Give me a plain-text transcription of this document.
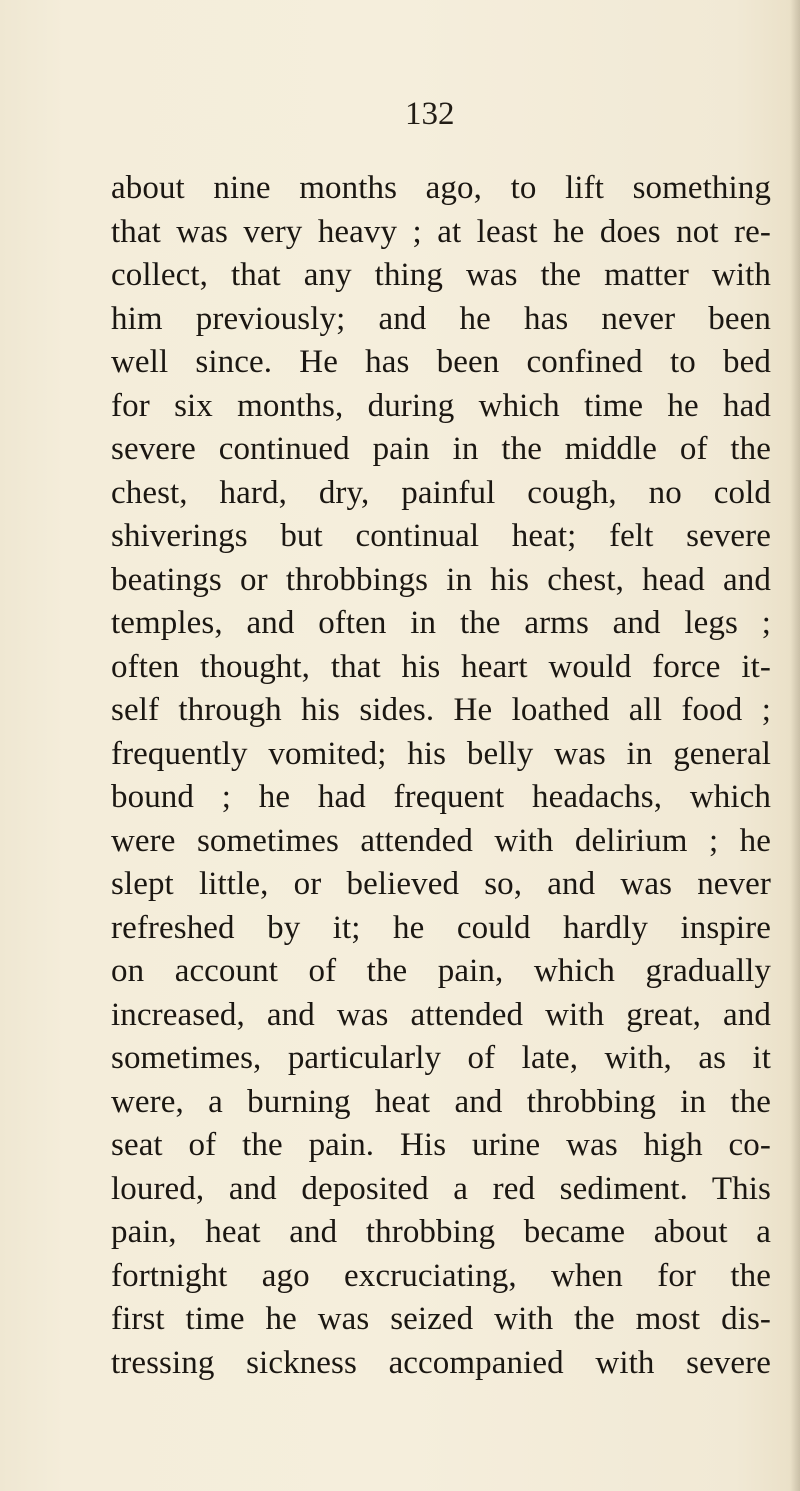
132
about nine months ago, to lift something
that was very heavy ; at least he does not re-
collect, that any thing was the matter with
him previously; and he has never been
well since. He has been confined to bed
for six months, during which time he had
severe continued pain in the middle of the
chest, hard, dry, painful cough, no cold
shiverings but continual heat; felt severe
beatings or throbbings in his chest, head and
temples, and often in the arms and legs ;
often thought, that his heart would force it-
self through his sides. He loathed all food ;
frequently vomited; his belly was in general
bound ; he had frequent headachs, which
were sometimes attended with delirium ; he
slept little, or believed so, and was never
refreshed by it; he could hardly inspire
on account of the pain, which gradually
increased, and was attended with great, and
sometimes, particularly of late, with, as it
were, a burning heat and throbbing in the
seat of the pain. His urine was high co-
loured, and deposited a red sediment. This
pain, heat and throbbing became about a
fortnight ago excruciating, when for the
first time he was seized with the most dis-
tressing sickness accompanied with severe
